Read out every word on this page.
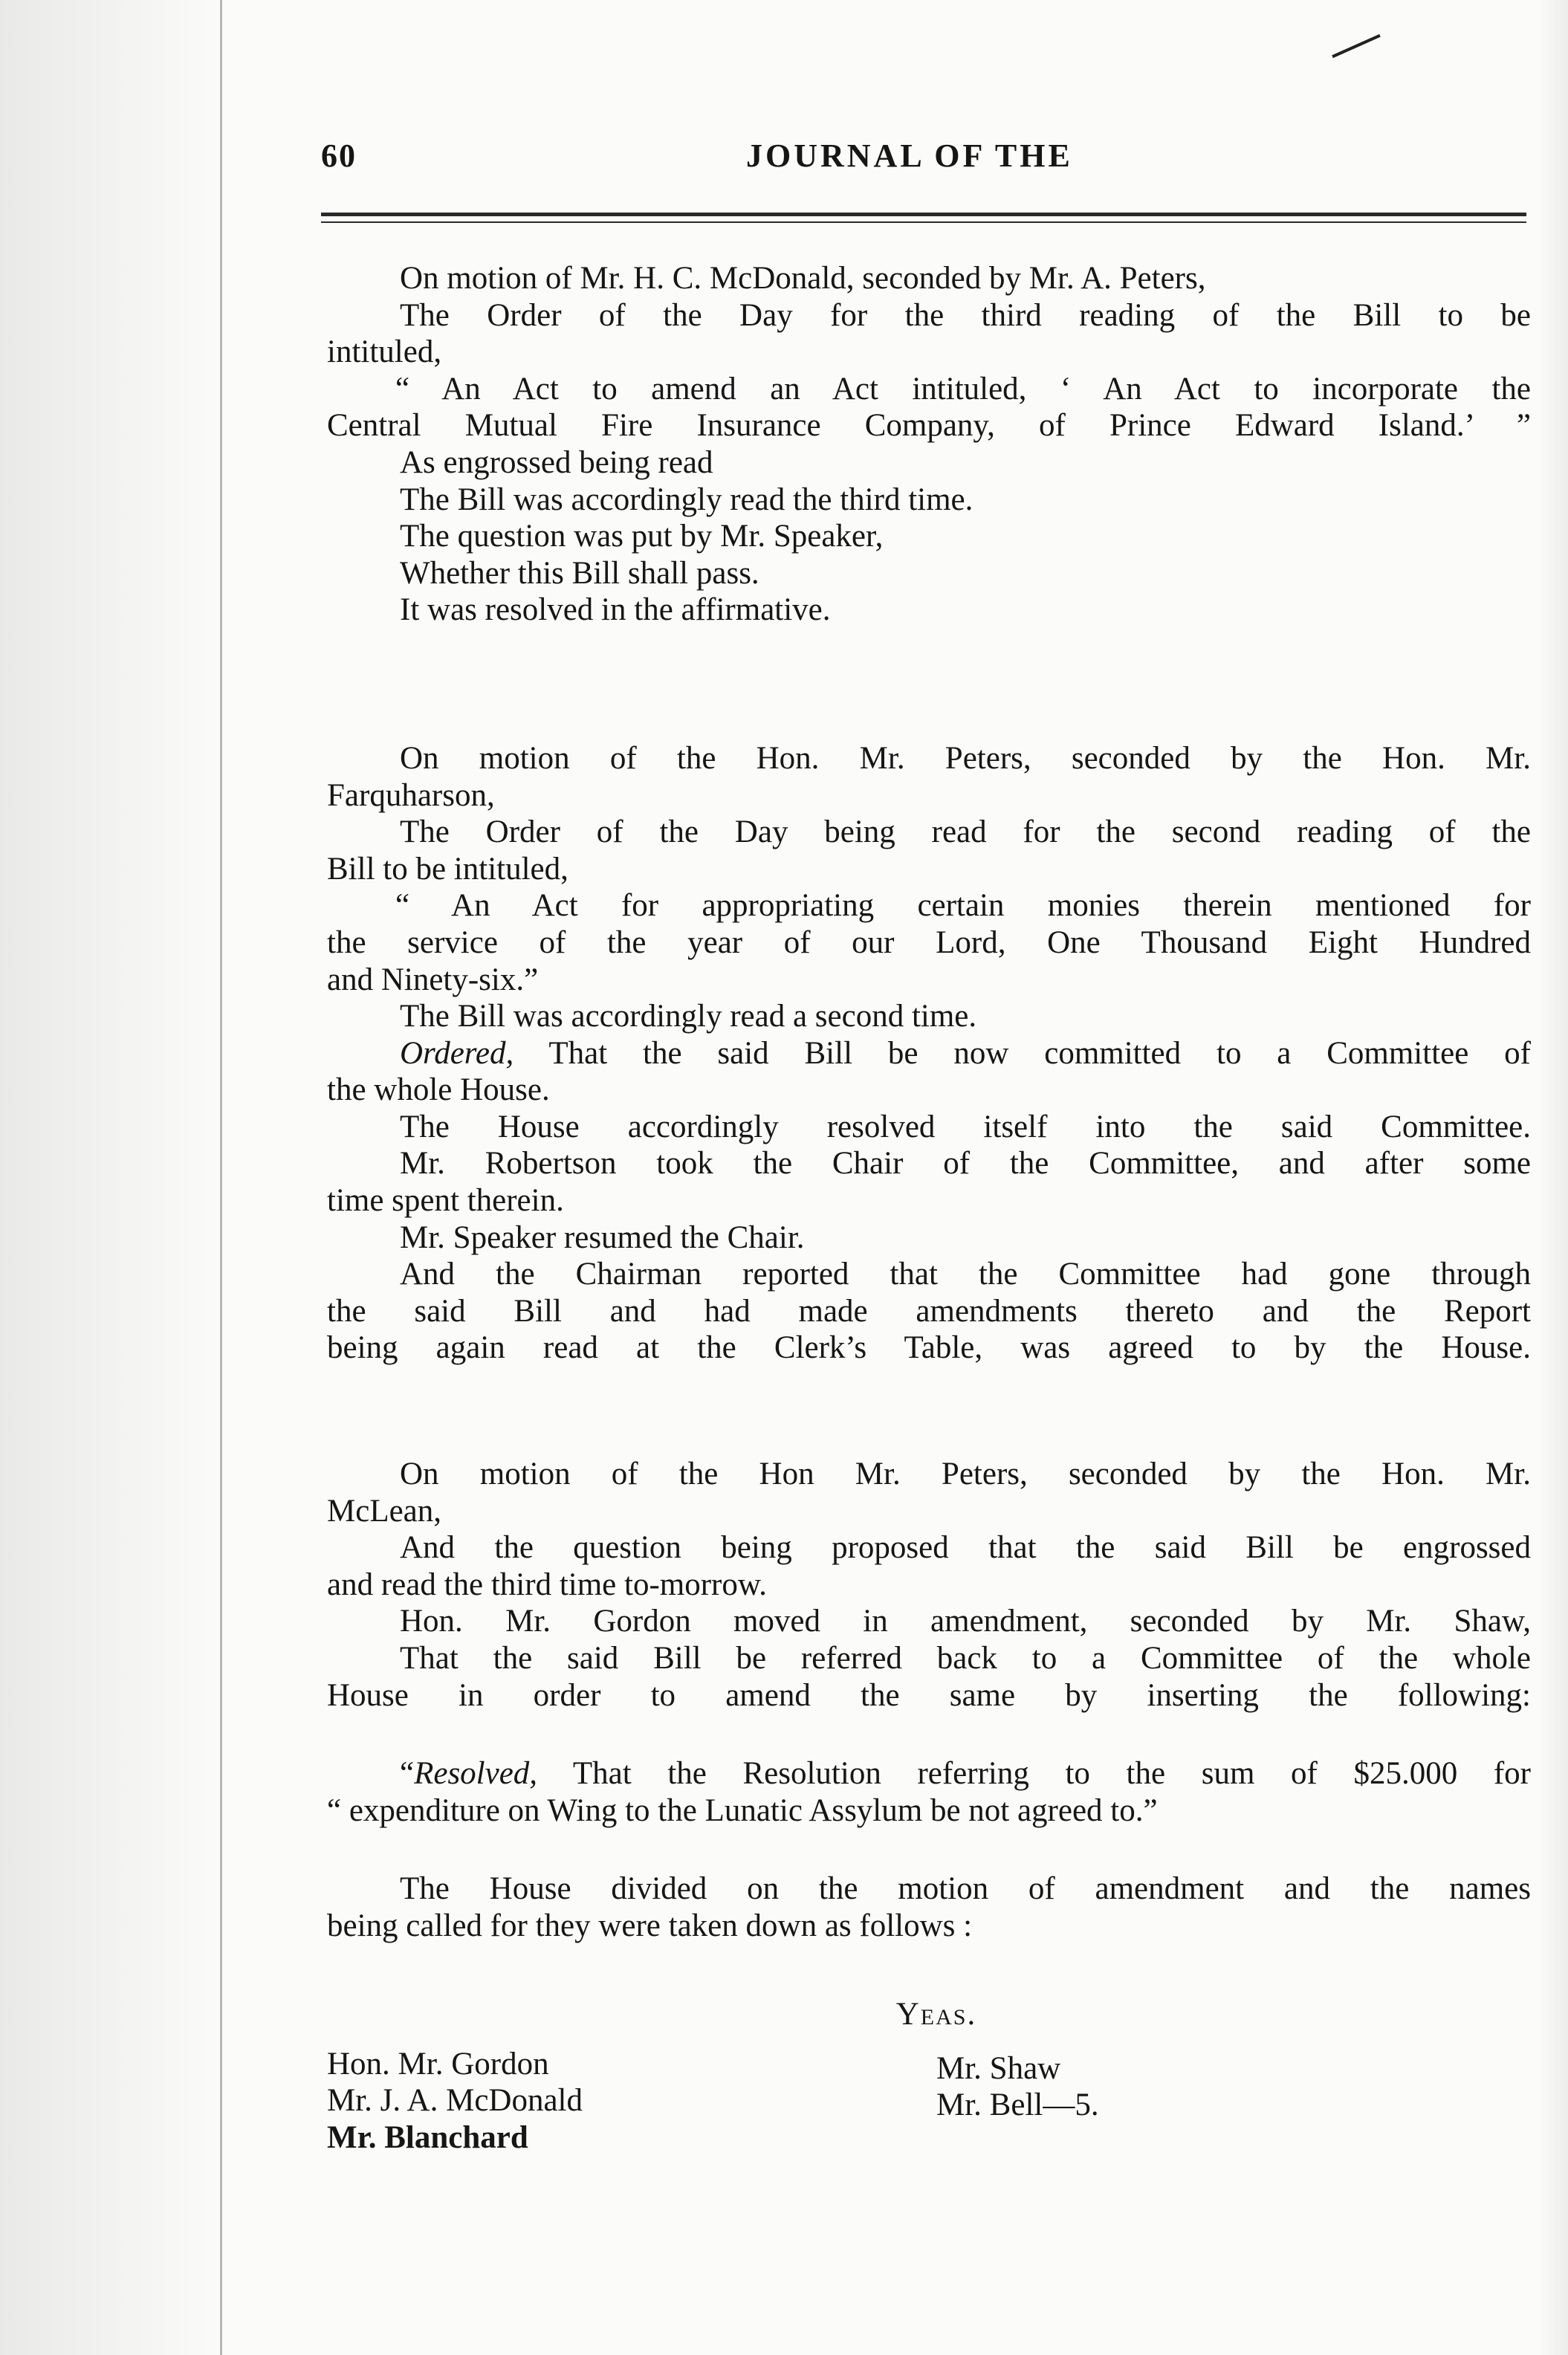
60	JOURNAL OF THE
On motion of Mr. H. C. McDonald, seconded by Mr. A. Peters,
The Order of the Day for the third reading of the Bill to be
intituled,
“ An Act to amend an Act intituled, ‘ An Act to incorporate the
Central Mutual Fire Insurance Company, of Prince Edward Island.’ ”
As engrossed being read
The Bill was accordingly read the third time.
The question was put by Mr. Speaker,
Whether this Bill shall pass.
It was resolved in the affirmative.
On motion of the Hon. Mr. Peters, seconded by the Hon. Mr.
Farquharson,
The Order of the Day being read for the second reading of the
Bill to be intituled,
“ An Act for appropriating certain monies therein mentioned for
the service of the year of our Lord, One Thousand Eight Hundred
and Ninety-six.”
The Bill was accordingly read a second time.
Ordered, That the said Bill be now committed to a Committee of
the whole House.
The House accordingly resolved itself into the said Committee.
Mr. Robertson took the Chair of the Committee, and after some
time spent therein.
Mr. Speaker resumed the Chair.
And the Chairman reported that the Committee had gone through
the said Bill and had made amendments thereto and the Report
being again read at the Clerk’s Table, was agreed to by the House.
On motion of the Hon Mr. Peters, seconded by the Hon. Mr.
McLean,
And the question being proposed that the said Bill be engrossed
and read the third time to-morrow.
Hon. Mr. Gordon moved in amendment, seconded by Mr. Shaw,
That the said Bill be referred back to a Committee of the whole
House in order to amend the same by inserting the following:
“Resolved, That the Resolution referring to the sum of $25.000 for
“ expenditure on Wing to the Lunatic Assylum be not agreed to.”
The House divided on the motion of amendment and the names
being called for they were taken down as follows :
Yeas.
Hon. Mr. Gordon
Mr. J. A. McDonald
Mr. Blanchard
Mr. Shaw
Mr. Bell—5.
